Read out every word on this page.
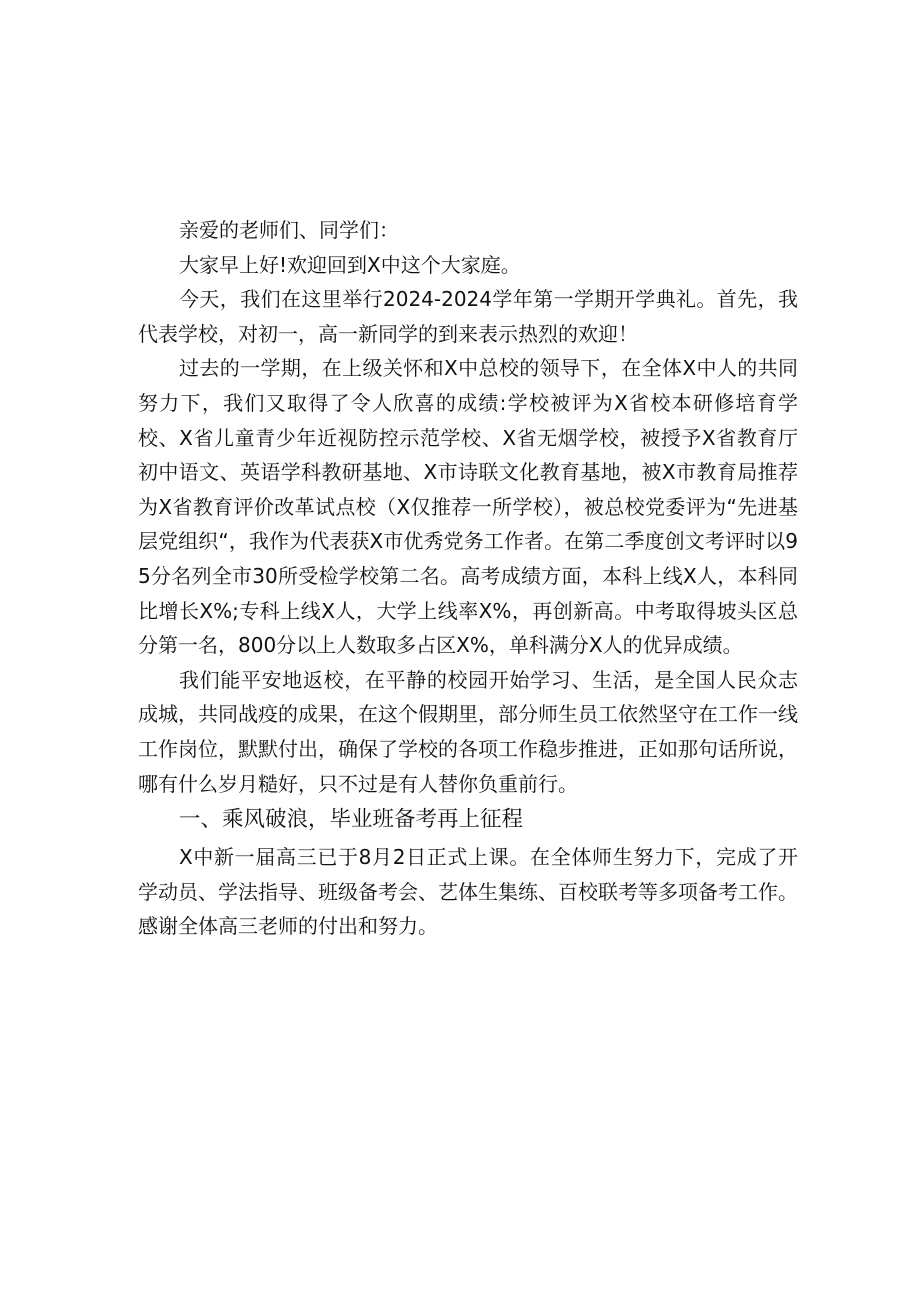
亲爱的老师们、同学们：

大家早上好!欢迎回到X中这个大家庭。

今天，我们在这里举行2024-2024学年第一学期开学典礼。首先，我代表学校，对初一，高一新同学的到来表示热烈的欢迎！

过去的一学期，在上级关怀和X中总校的领导下，在全体X中人的共同努力下，我们又取得了令人欣喜的成绩:学校被评为X省校本研修培育学校、X省儿童青少年近视防控示范学校、X省无烟学校，被授予X省教育厅初中语文、英语学科教研基地、X市诗联文化教育基地，被X市教育局推荐为X省教育评价改革试点校（X仅推荐一所学校），被总校党委评为“先进基层党组织“，我作为代表获X市优秀党务工作者。在第二季度创文考评时以95分名列全市30所受检学校第二名。高考成绩方面，本科上线X人，本科同比增长X%;专科上线X人，大学上线率X%，再创新高。中考取得坡头区总分第一名，800分以上人数取多占区X%，单科满分X人的优异成绩。

我们能平安地返校，在平静的校园开始学习、生活，是全国人民众志成城，共同战疫的成果，在这个假期里，部分师生员工依然坚守在工作一线工作岗位，默默付出，确保了学校的各项工作稳步推进，正如那句话所说，哪有什么岁月糙好，只不过是有人替你负重前行。

一、乘风破浪，毕业班备考再上征程

X中新一届高三已于8月2日正式上课。在全体师生努力下，完成了开学动员、学法指导、班级备考会、艺体生集练、百校联考等多项备考工作。感谢全体高三老师的付出和努力。
